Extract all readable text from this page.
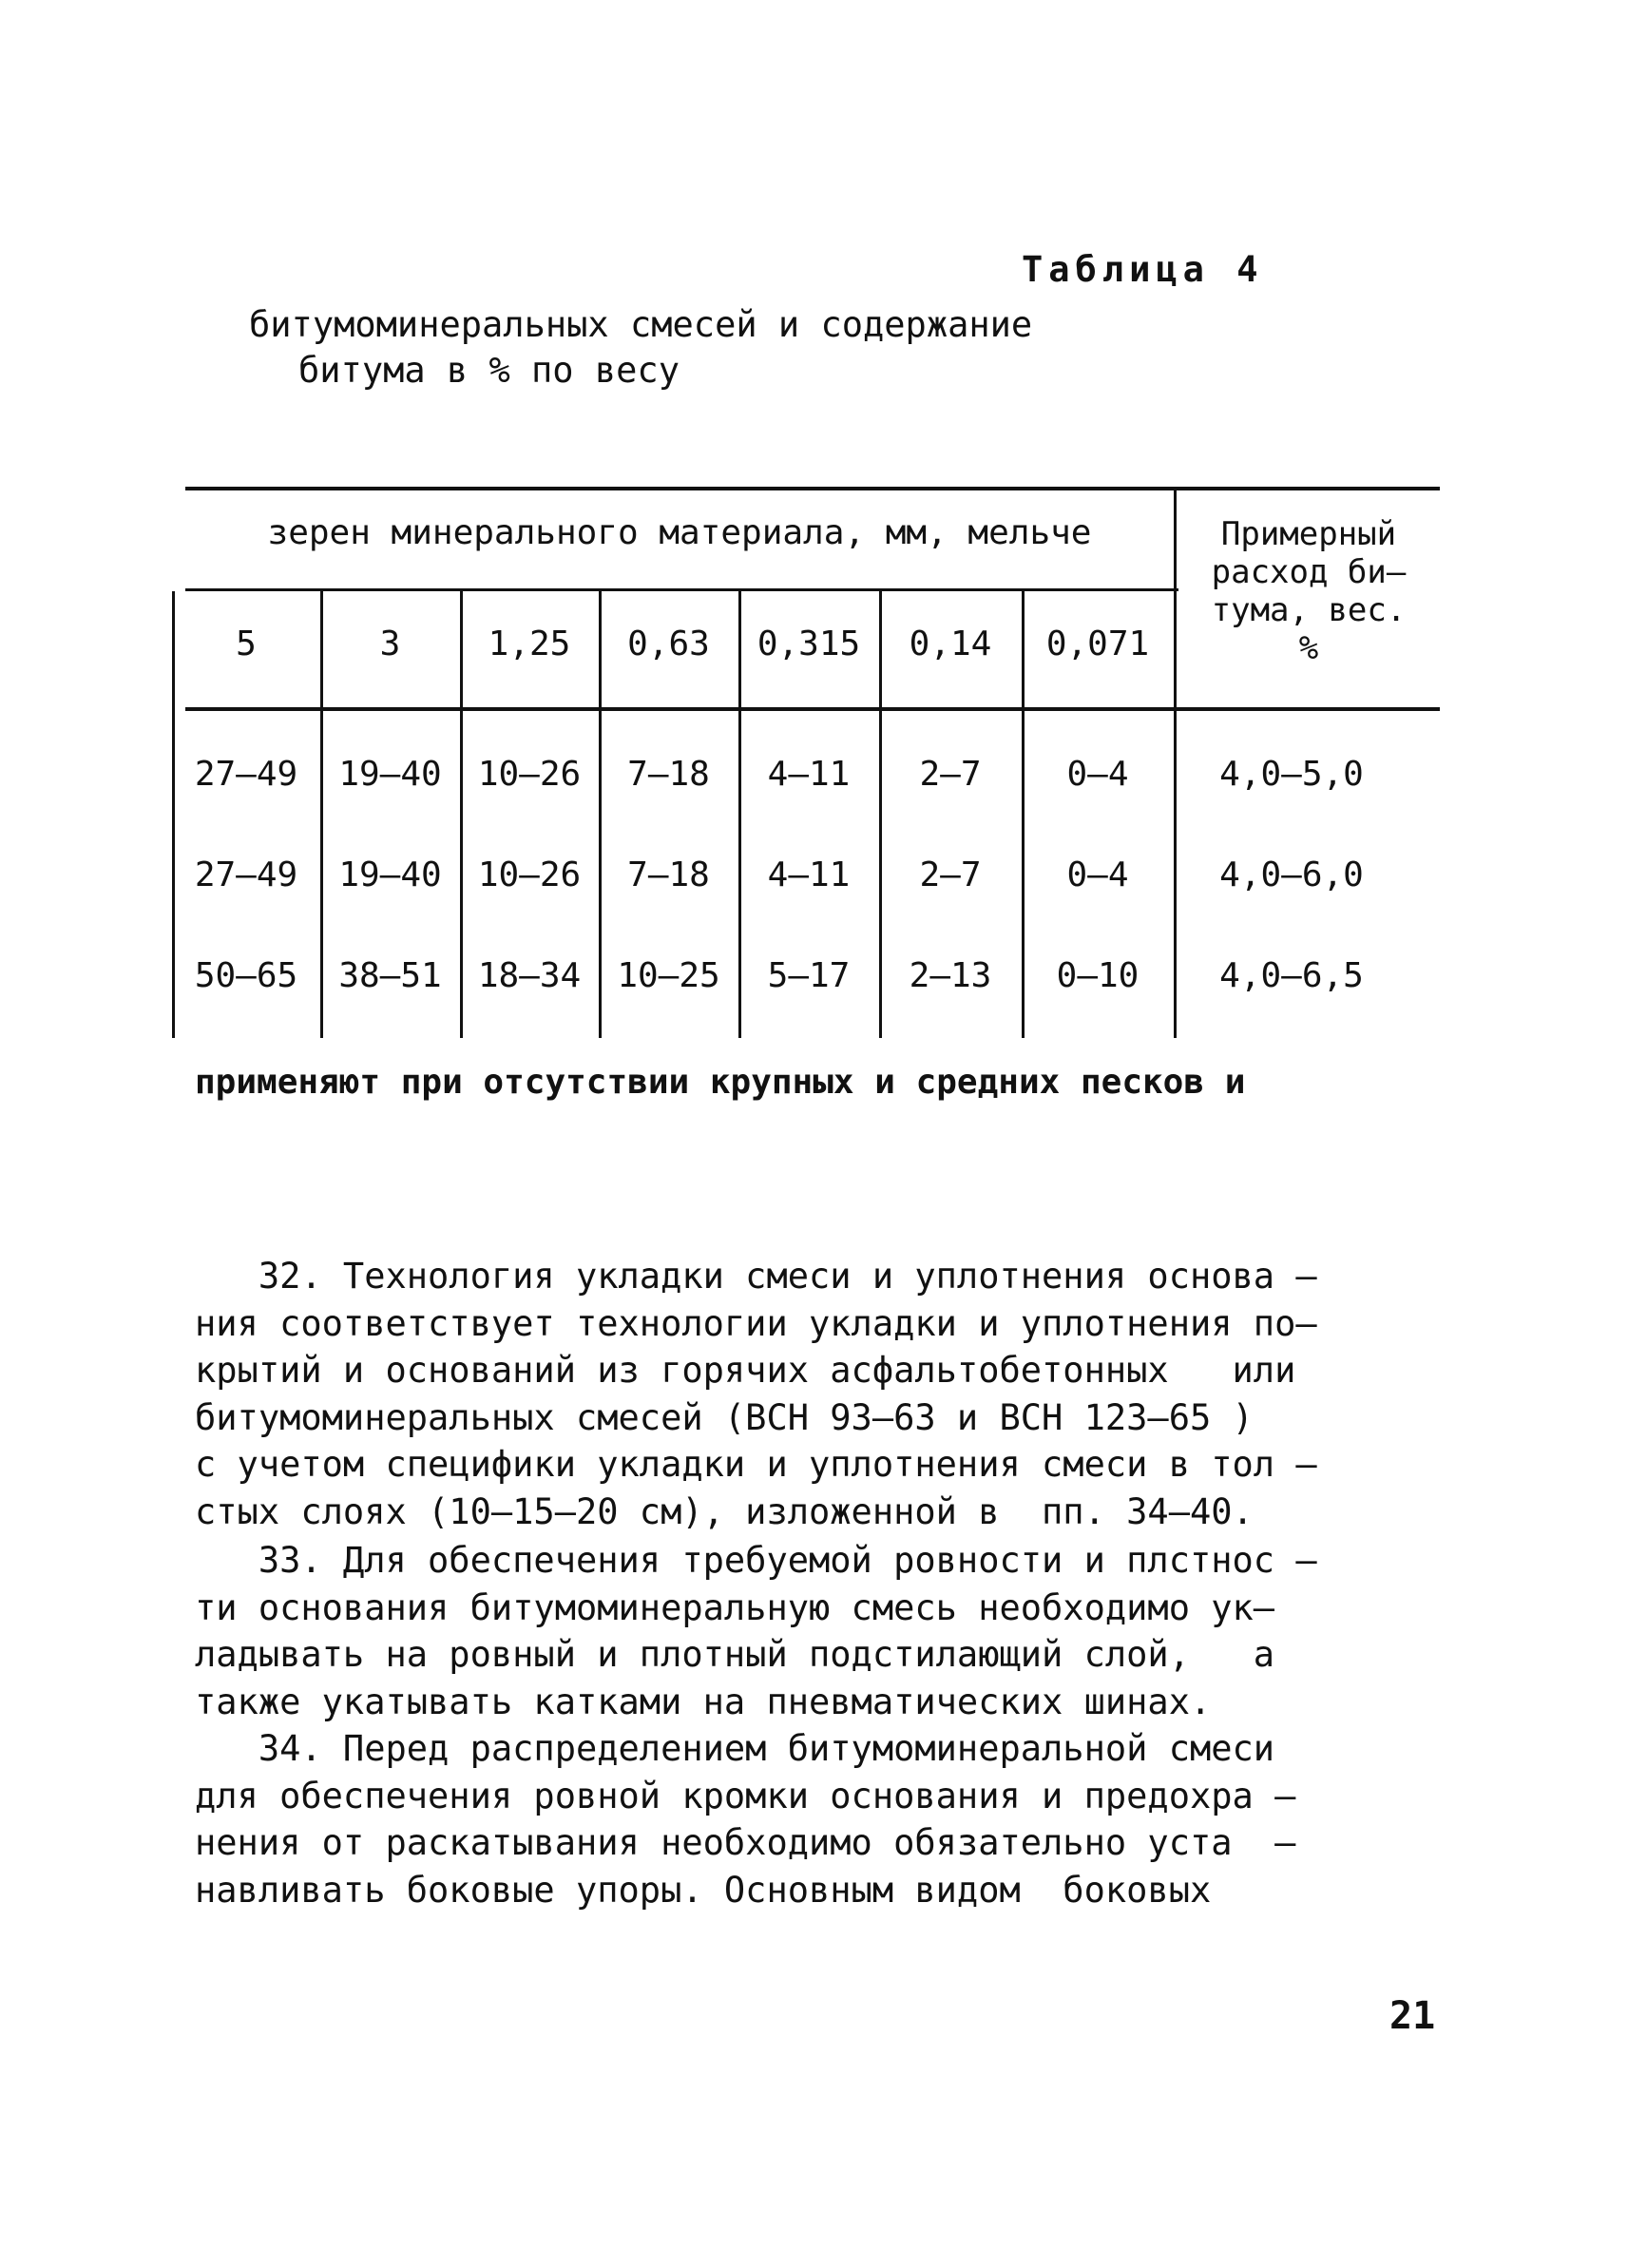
Таблица 4
битумоминеральных смесей и содержание
битума в % по весу
зерен минерального материала, мм, мельче	Примерный
расход би–
тума, вес.
%
5	3	1,25	0,63	0,315	0,14	0,071
27–49	19–40	10–26	7–18	4–11	2–7	0–4	4,0–5,0
27–49	19–40	10–26	7–18	4–11	2–7	0–4	4,0–6,0
50–65	38–51	18–34	10–25	5–17	2–13	0–10	4,0–6,5
применяют при отсутствии крупных и средних песков и
32. Технология укладки смеси и уплотнения основа –
ния соответствует технологии укладки и уплотнения по–
крытий и оснований из горячих асфальтобетонных   или
битумоминеральных смесей (ВСН 93–63 и ВСН 123–65 )
с учетом специфики укладки и уплотнения смеси в тол –
стых слоях (10–15–20 см), изложенной в  пп. 34–40.
33. Для обеспечения требуемой ровности и плстнос –
ти основания битумоминеральную смесь необходимо ук–
ладывать на ровный и плотный подстилающий слой,   а
также укатывать катками на пневматических шинах.
34. Перед распределением битумоминеральной смеси
для обеспечения ровной кромки основания и предохра –
нения от раскатывания необходимо обязательно уста  –
навливать боковые упоры. Основным видом  боковых
21
